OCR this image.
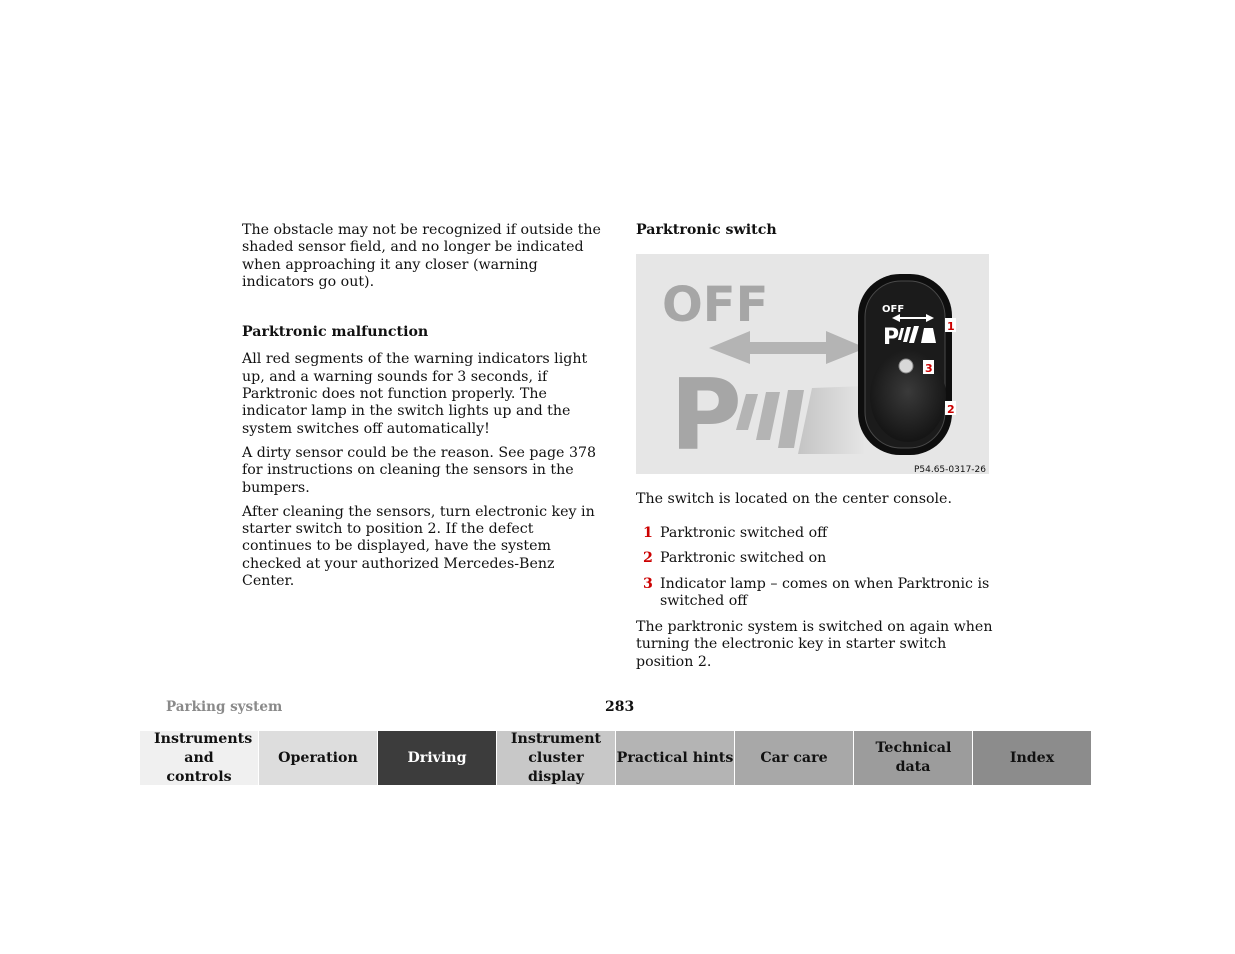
The obstacle may not be recognized if outside the shaded sensor field, and no longer be indicated when approaching it any closer (warning indicators go out).

Parktronic malfunction

All red segments of the warning indicators light up, and a warning sounds for 3 seconds, if Parktronic does not function properly. The indicator lamp in the switch lights up and the system switches off automatically!

A dirty sensor could be the reason. See page 378 for instructions on cleaning the sensors in the bumpers.

After cleaning the sensors, turn electronic key in starter switch to position 2. If the defect continues to be displayed, have the system checked at your authorized Mercedes-Benz Center.

Parktronic switch
OFF
P
OFF
P	1
3
2
P54.65-0317-26

The switch is located on the center console.

1 Parktronic switched off
2 Parktronic switched on
3 Indicator lamp – comes on when Parktronic is switched off

The parktronic system is switched on again when turning the electronic key in starter switch position 2.

Parking system	283
Instruments and controls
Operation	Driving
Instrument cluster display
Practical hints Car care
Technical data
Index
